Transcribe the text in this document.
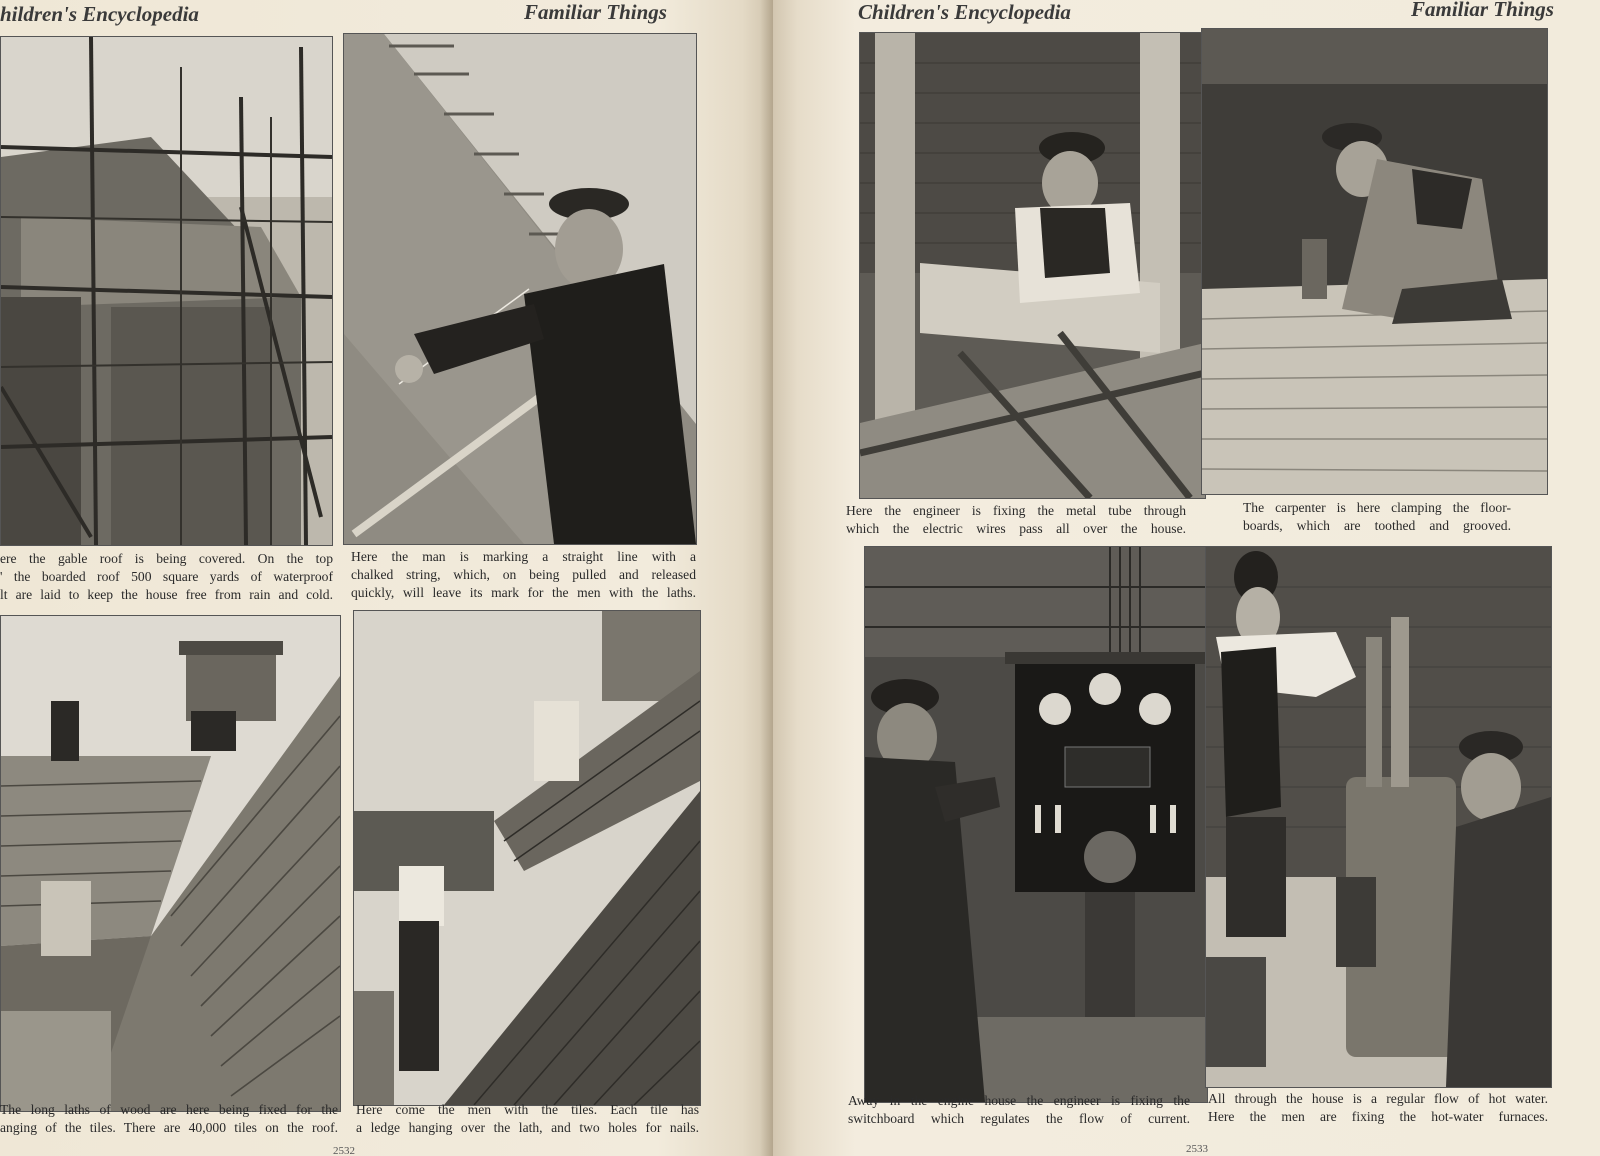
hildren's Encyclopedia	Familiar Things
ere the gable roof is being covered. On the top
' the boarded roof 500 square yards of waterproof
lt are laid to keep the house free from rain and cold.
Here the man is marking a straight line with a
chalked string, which, on being pulled and released
quickly, will leave its mark for the men with the laths.
The long laths of wood are here being fixed for the
anging of the tiles. There are 40,000 tiles on the roof.
Here come the men with the tiles. Each tile has
a ledge hanging over the lath, and two holes for nails.
2532
Children's Encyclopedia	Familiar Things
Here the engineer is fixing the metal tube through
which the electric wires pass all over the house.
The carpenter is here clamping the floor-
boards, which are toothed and grooved.
Away in the engine house the engineer is fixing the
switchboard which regulates the flow of current.
All through the house is a regular flow of hot water.
Here the men are fixing the hot-water furnaces.
2533
